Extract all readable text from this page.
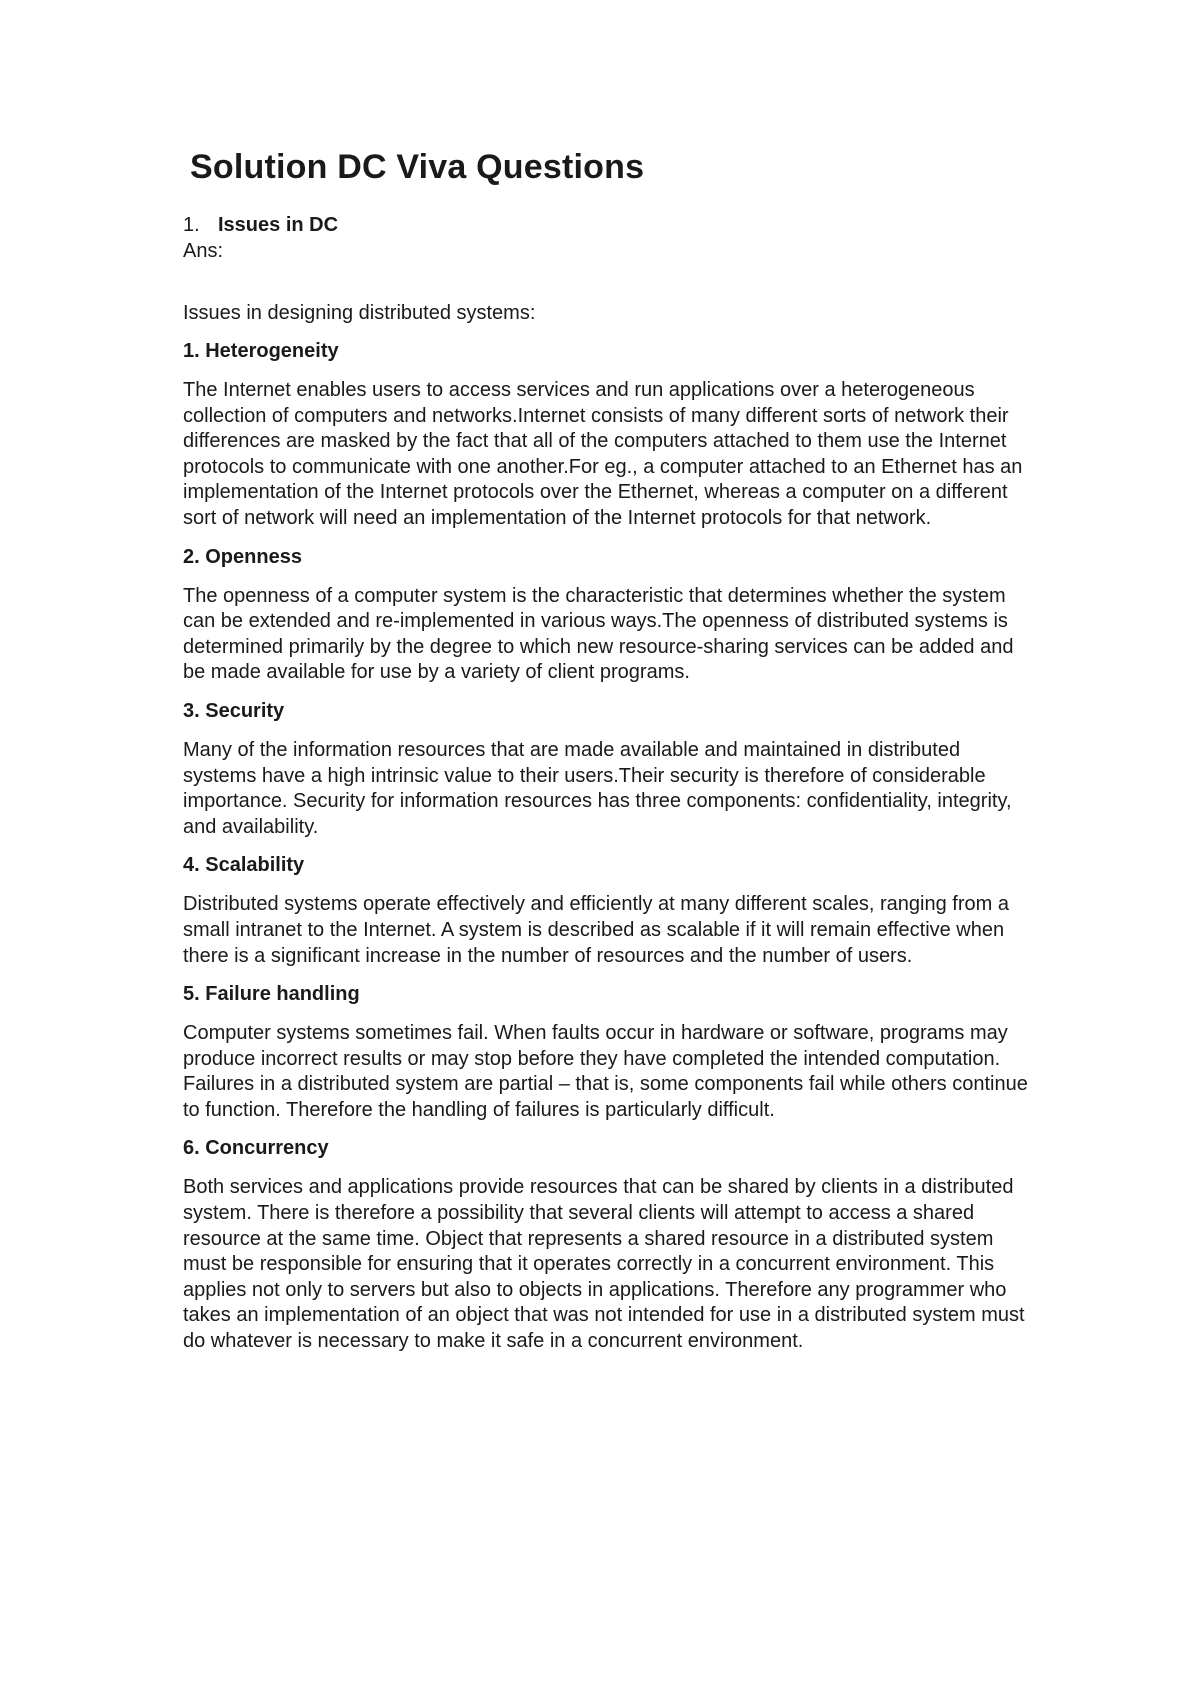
Solution DC Viva Questions
1. Issues in DC

Ans:

Issues in designing distributed systems:

1. Heterogeneity

The Internet enables users to access services and run applications over a heterogeneous collection of computers and networks.Internet consists of many different sorts of network their differences are masked by the fact that all of the computers attached to them use the Internet protocols to communicate with one another.For eg., a computer attached to an Ethernet has an implementation of the Internet protocols over the Ethernet, whereas a computer on a different sort of network will need an implementation of the Internet protocols for that network.

2. Openness

The openness of a computer system is the characteristic that determines whether the system can be extended and re-implemented in various ways.The openness of distributed systems is determined primarily by the degree to which new resource-sharing services can be added and be made available for use by a variety of client programs.

3. Security

Many of the information resources that are made available and maintained in distributed systems have a high intrinsic value to their users.Their security is therefore of considerable importance. Security for information resources has three components: confidentiality, integrity, and availability.

4. Scalability

Distributed systems operate effectively and efficiently at many different scales, ranging from a small intranet to the Internet. A system is described as scalable if it will remain effective when there is a significant increase in the number of resources and the number of users.

5. Failure handling

Computer systems sometimes fail. When faults occur in hardware or software, programs may produce incorrect results or may stop before they have completed the intended computation. Failures in a distributed system are partial – that is, some components fail while others continue to function. Therefore the handling of failures is particularly difficult.

6. Concurrency

Both services and applications provide resources that can be shared by clients in a distributed system. There is therefore a possibility that several clients will attempt to access a shared resource at the same time. Object that represents a shared resource in a distributed system must be responsible for ensuring that it operates correctly in a concurrent environment. This applies not only to servers but also to objects in applications. Therefore any programmer who takes an implementation of an object that was not intended for use in a distributed system must do whatever is necessary to make it safe in a concurrent environment.
